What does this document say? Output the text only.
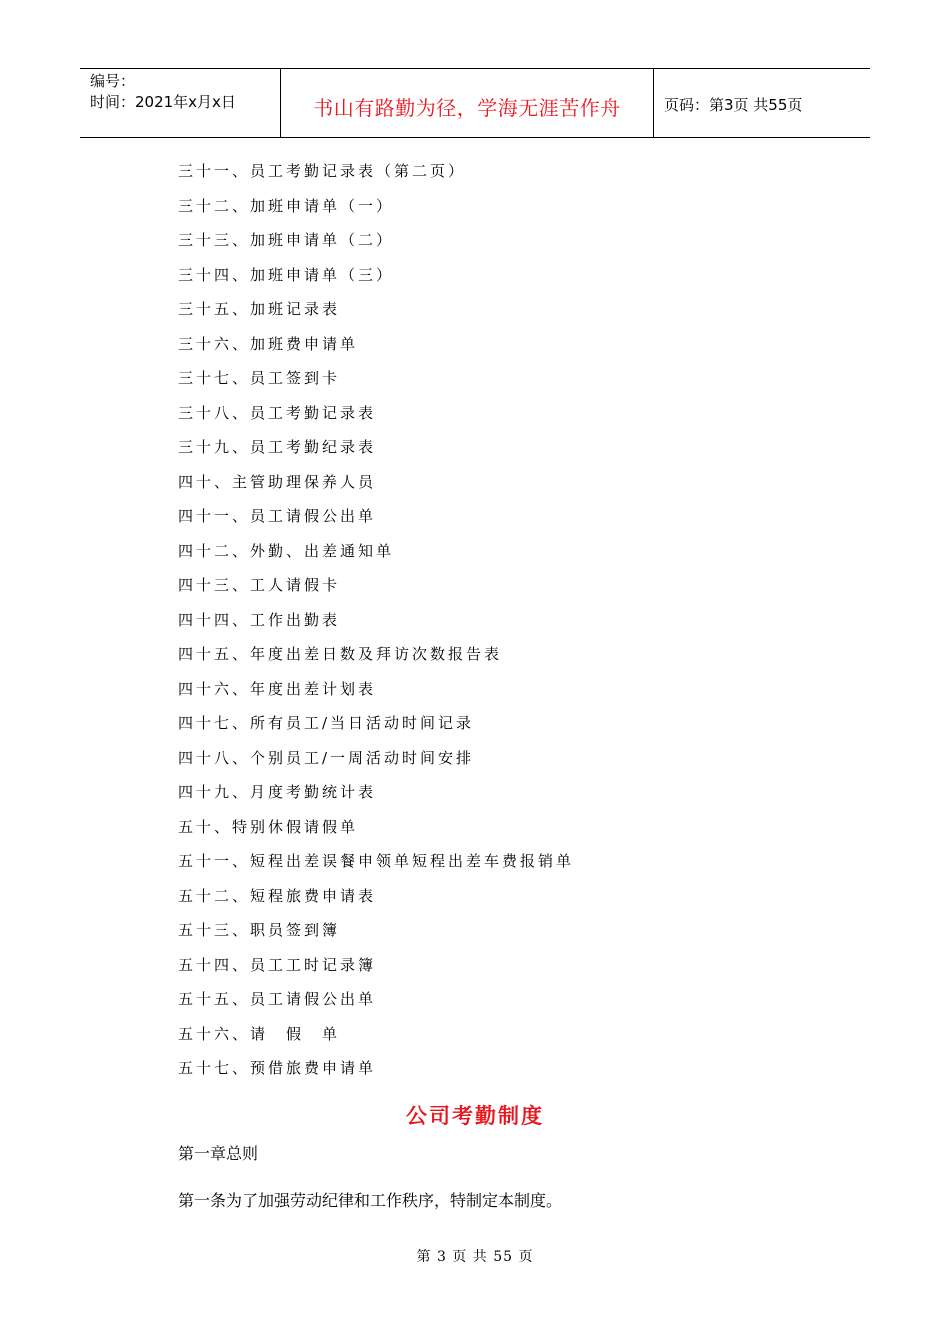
编号：
时间：2021年x月x日	书山有路勤为径，学海无涯苦作舟	页码：第3页 共55页
三十一、员工考勤记录表（第二页）
三十二、加班申请单（一）
三十三、加班申请单（二）
三十四、加班申请单（三）
三十五、加班记录表
三十六、加班费申请单
三十七、员工签到卡
三十八、员工考勤记录表
三十九、员工考勤纪录表
四十、主管助理保养人员
四十一、员工请假公出单
四十二、外勤、出差通知单
四十三、工人请假卡
四十四、工作出勤表
四十五、年度出差日数及拜访次数报告表
四十六、年度出差计划表
四十七、所有员工/当日活动时间记录
四十八、个别员工/一周活动时间安排
四十九、月度考勤统计表
五十、特别休假请假单
五十一、短程出差误餐申领单短程出差车费报销单
五十二、短程旅费申请表
五十三、职员签到簿
五十四、员工工时记录簿
五十五、员工请假公出单
五十六、请　假　单
五十七、预借旅费申请单
公司考勤制度
第一章总则
第一条为了加强劳动纪律和工作秩序，特制定本制度。
第 3 页 共 55 页
